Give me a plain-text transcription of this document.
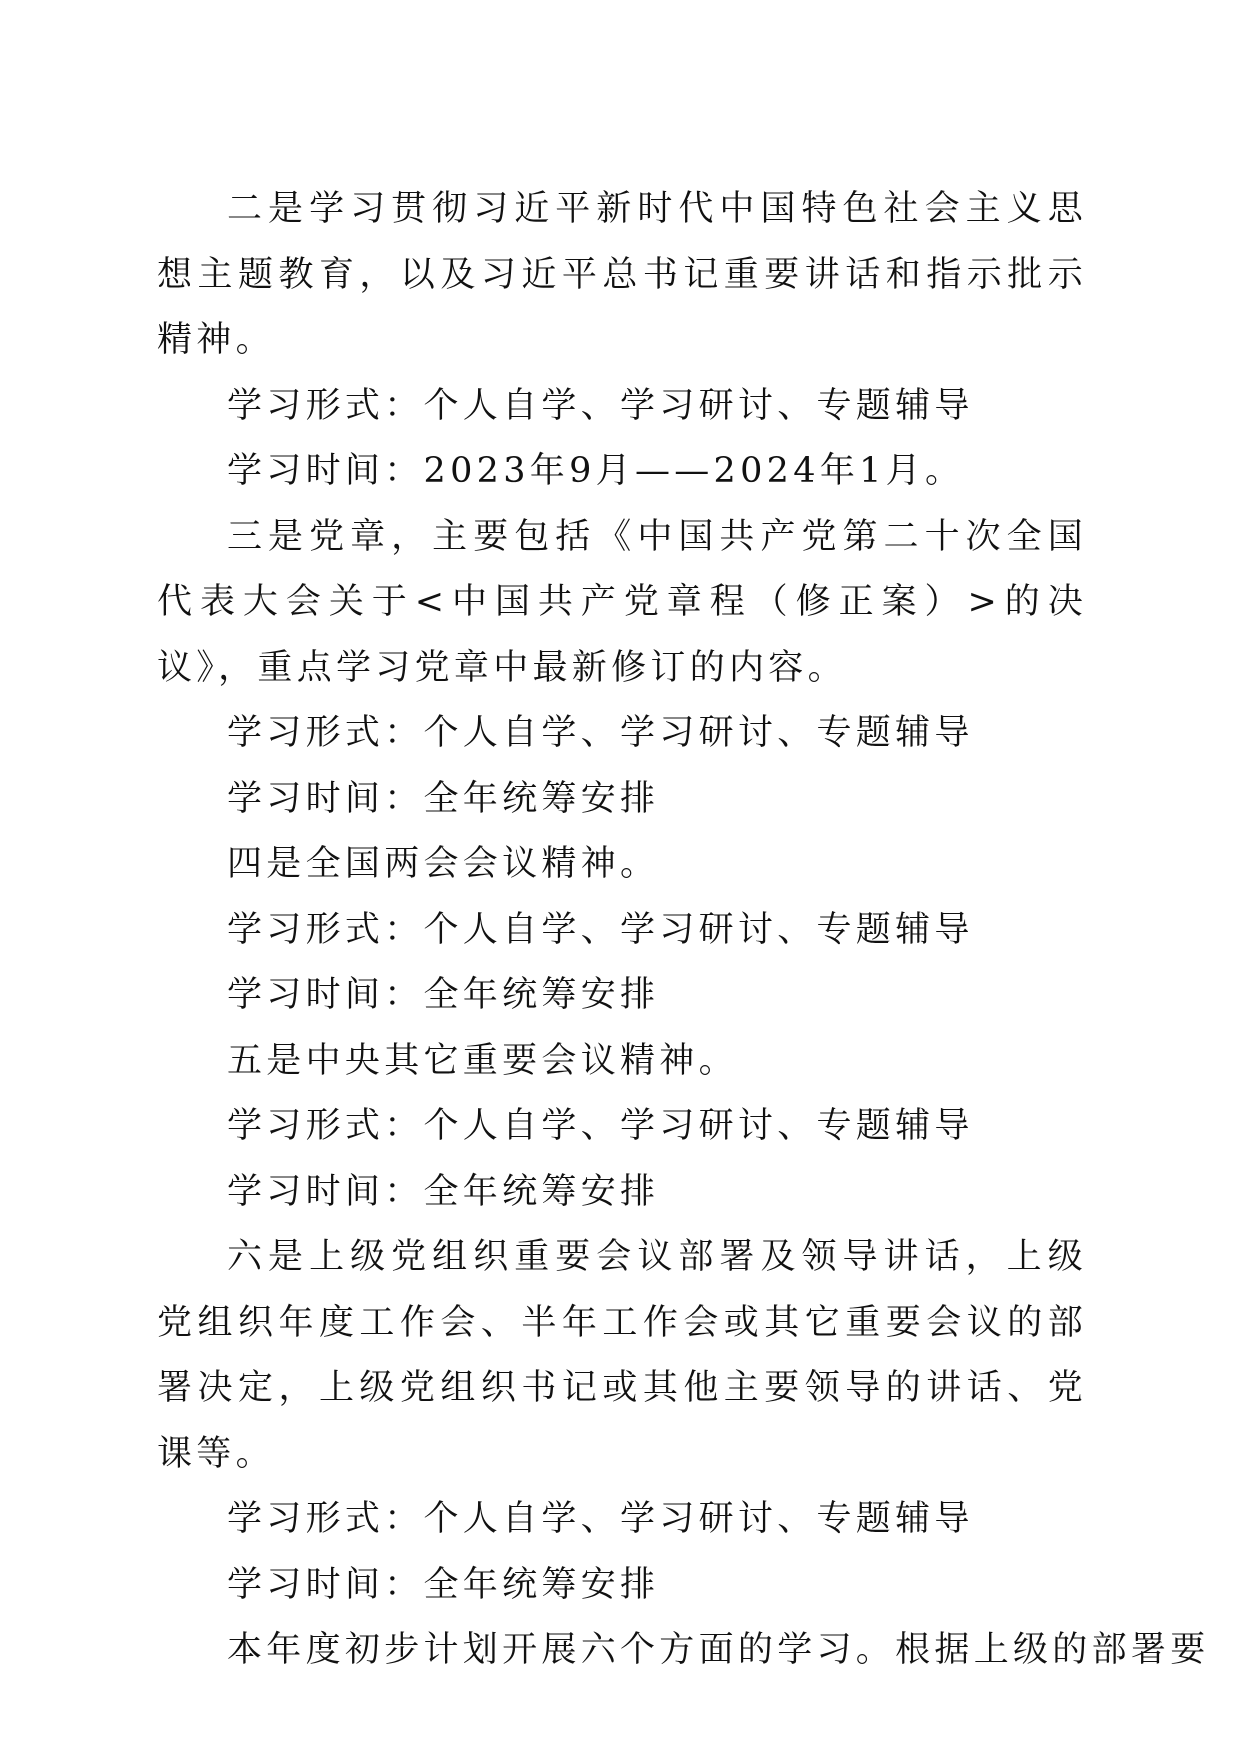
二是学习贯彻习近平新时代中国特色社会主义思想主题教育，以及习近平总书记重要讲话和指示批示精神。

学习形式：个人自学、学习研讨、专题辅导

学习时间：2023年9月——2024年1月。

三是党章，主要包括《中国共产党第二十次全国代表大会关于<中国共产党章程（修正案）>的决议》，重点学习党章中最新修订的内容。

学习形式：个人自学、学习研讨、专题辅导

学习时间：全年统筹安排

四是全国两会会议精神。

学习形式：个人自学、学习研讨、专题辅导

学习时间：全年统筹安排

五是中央其它重要会议精神。

学习形式：个人自学、学习研讨、专题辅导

学习时间：全年统筹安排

六是上级党组织重要会议部署及领导讲话，上级党组织年度工作会、半年工作会或其它重要会议的部署决定，上级党组织书记或其他主要领导的讲话、党课等。

学习形式：个人自学、学习研讨、专题辅导

学习时间：全年统筹安排

本年度初步计划开展六个方面的学习。根据上级的部署要
